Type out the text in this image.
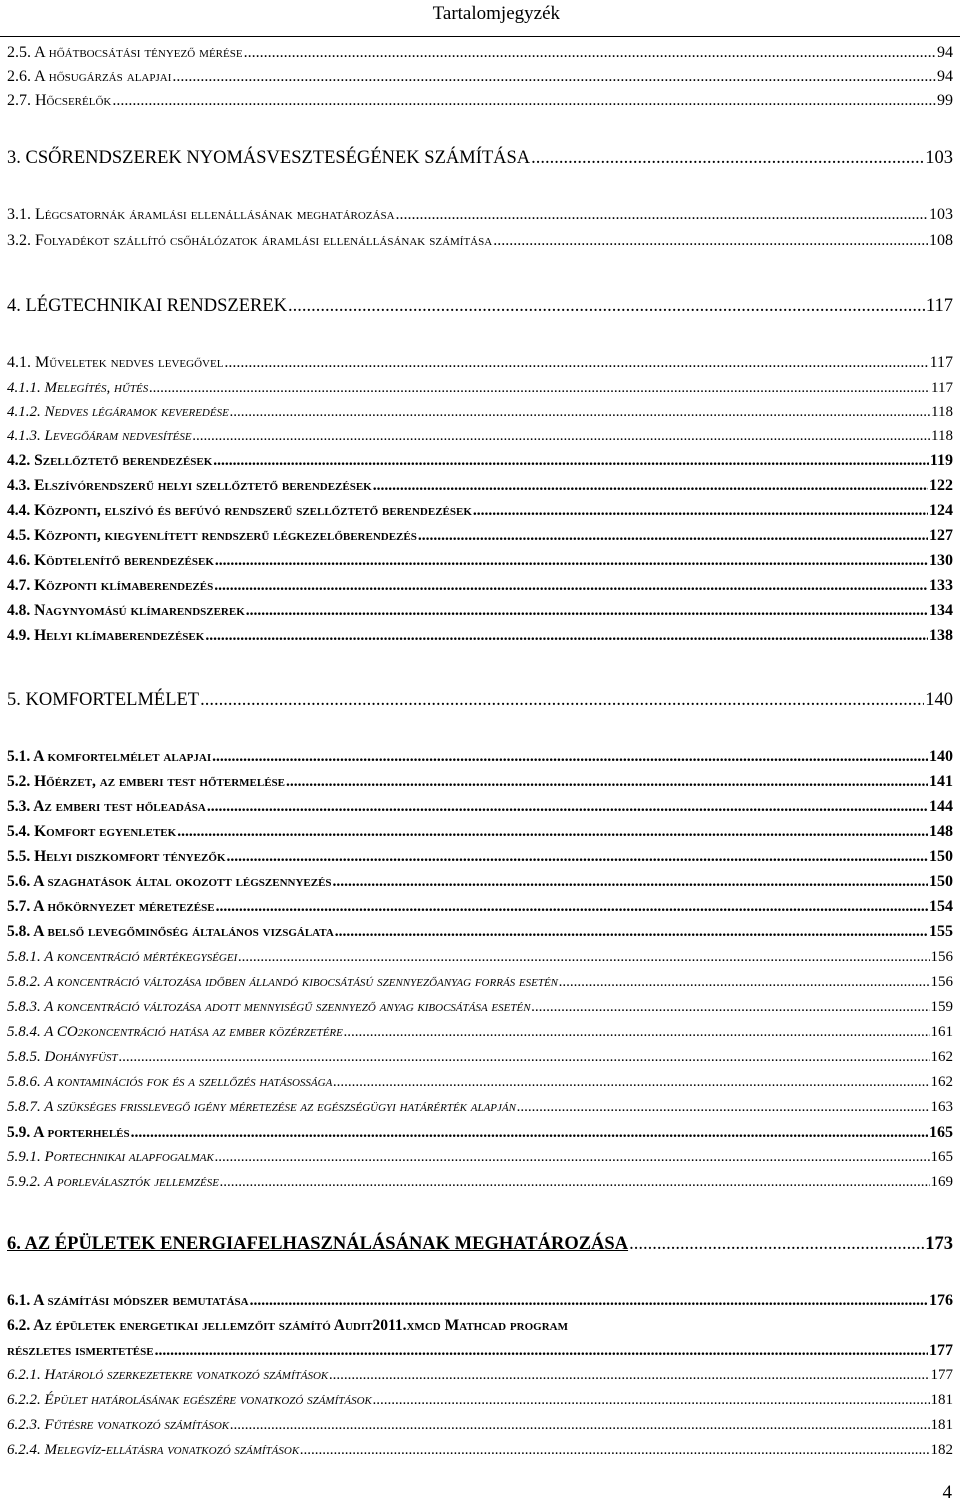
Tartalomjegyzék
2.5. A hőátbocsátási tényező mérése .....	94
2.6. A hősugárzás alapjai .....	94
2.7. Hőcserélők .....	99
3. CSŐRENDSZEREK NYOMÁSVESZTESÉGÉNEK SZÁMÍTÁSA .....	103
3.1. Légcsatornák áramlási ellenállásának meghatározása .....	103
3.2. Folyadékot szállító csőhálózatok áramlási ellenállásának számítása .....	108
4. LÉGTECHNIKAI RENDSZEREK .....	117
4.1. Műveletek nedves levegővel .....	117
4.1.1. Melegítés, hűtés .....	117
4.1.2. Nedves légáramok keveredése .....	118
4.1.3. Levegőáram nedvesítése .....	118
4.2. Szellőztető berendezések .....	119
4.3. Elszívórendszerű helyi szellőztető berendezések .....	122
4.4. Központi, elszívó és befúvó rendszerű szellőztető berendezések .....	124
4.5. Központi, kiegyenlített rendszerű légkezelőberendezés .....	127
4.6. Ködtelenítő berendezések .....	130
4.7. Központi klímaberendezés .....	133
4.8. Nagynyomású klímarendszerek .....	134
4.9. Helyi klímaberendezések .....	138
5. KOMFORTELMÉLET .....	140
5.1. A komfortelmélet alapjai .....	140
5.2. Hőérzet, az emberi test hőtermelése .....	141
5.3. Az emberi test hőleadása .....	144
5.4. Komfort egyenletek .....	148
5.5. Helyi diszkomfort tényezők .....	150
5.6. A szaghatások által okozott légszennyezés .....	150
5.7. A hőkörnyezet méretezése .....	154
5.8. A belső levegőminőség általános vizsgálata .....	155
5.8.1. A koncentráció mértékegységei .....	156
5.8.2. A koncentráció változása időben állandó kibocsátású szennyezőanyag forrás esetén .....	156
5.8.3. A koncentráció változása adott mennyiségű szennyező anyag kibocsátása esetén .....	159
5.8.4. A CO 2 koncentráció hatása az ember közérzetére .....	161
5.8.5. Dohányfüst .....	162
5.8.6. A kontaminációs fok és a szellőzés hatásossága .....	162
5.8.7. A szükséges frisslevegő igény méretezése az egészségügyi határérték alapján .....	163
5.9. A porterhelés .....	165
5.9.1. Portechnikai alapfogalmak .....	165
5.9.2. A porleválasztók jellemzése .....	169
6. AZ ÉPÜLETEK ENERGIAFELHASZNÁLÁSÁNAK MEGHATÁROZÁSA .....	173
6.1. A számítási módszer bemutatása .....	176
6.2. Az épületek energetikai jellemzőit számító Audit2011.xmcd Mathcad program
részletes ismertetése .....	177
6.2.1. Határoló szerkezetekre vonatkozó számítások .....	177
6.2.2. Épület határolásának egészére vonatkozó számítások .....	181
6.2.3. Fűtésre vonatkozó számítások .....	181
6.2.4. Melegvíz-ellátásra vonatkozó számítások .....	182
4
